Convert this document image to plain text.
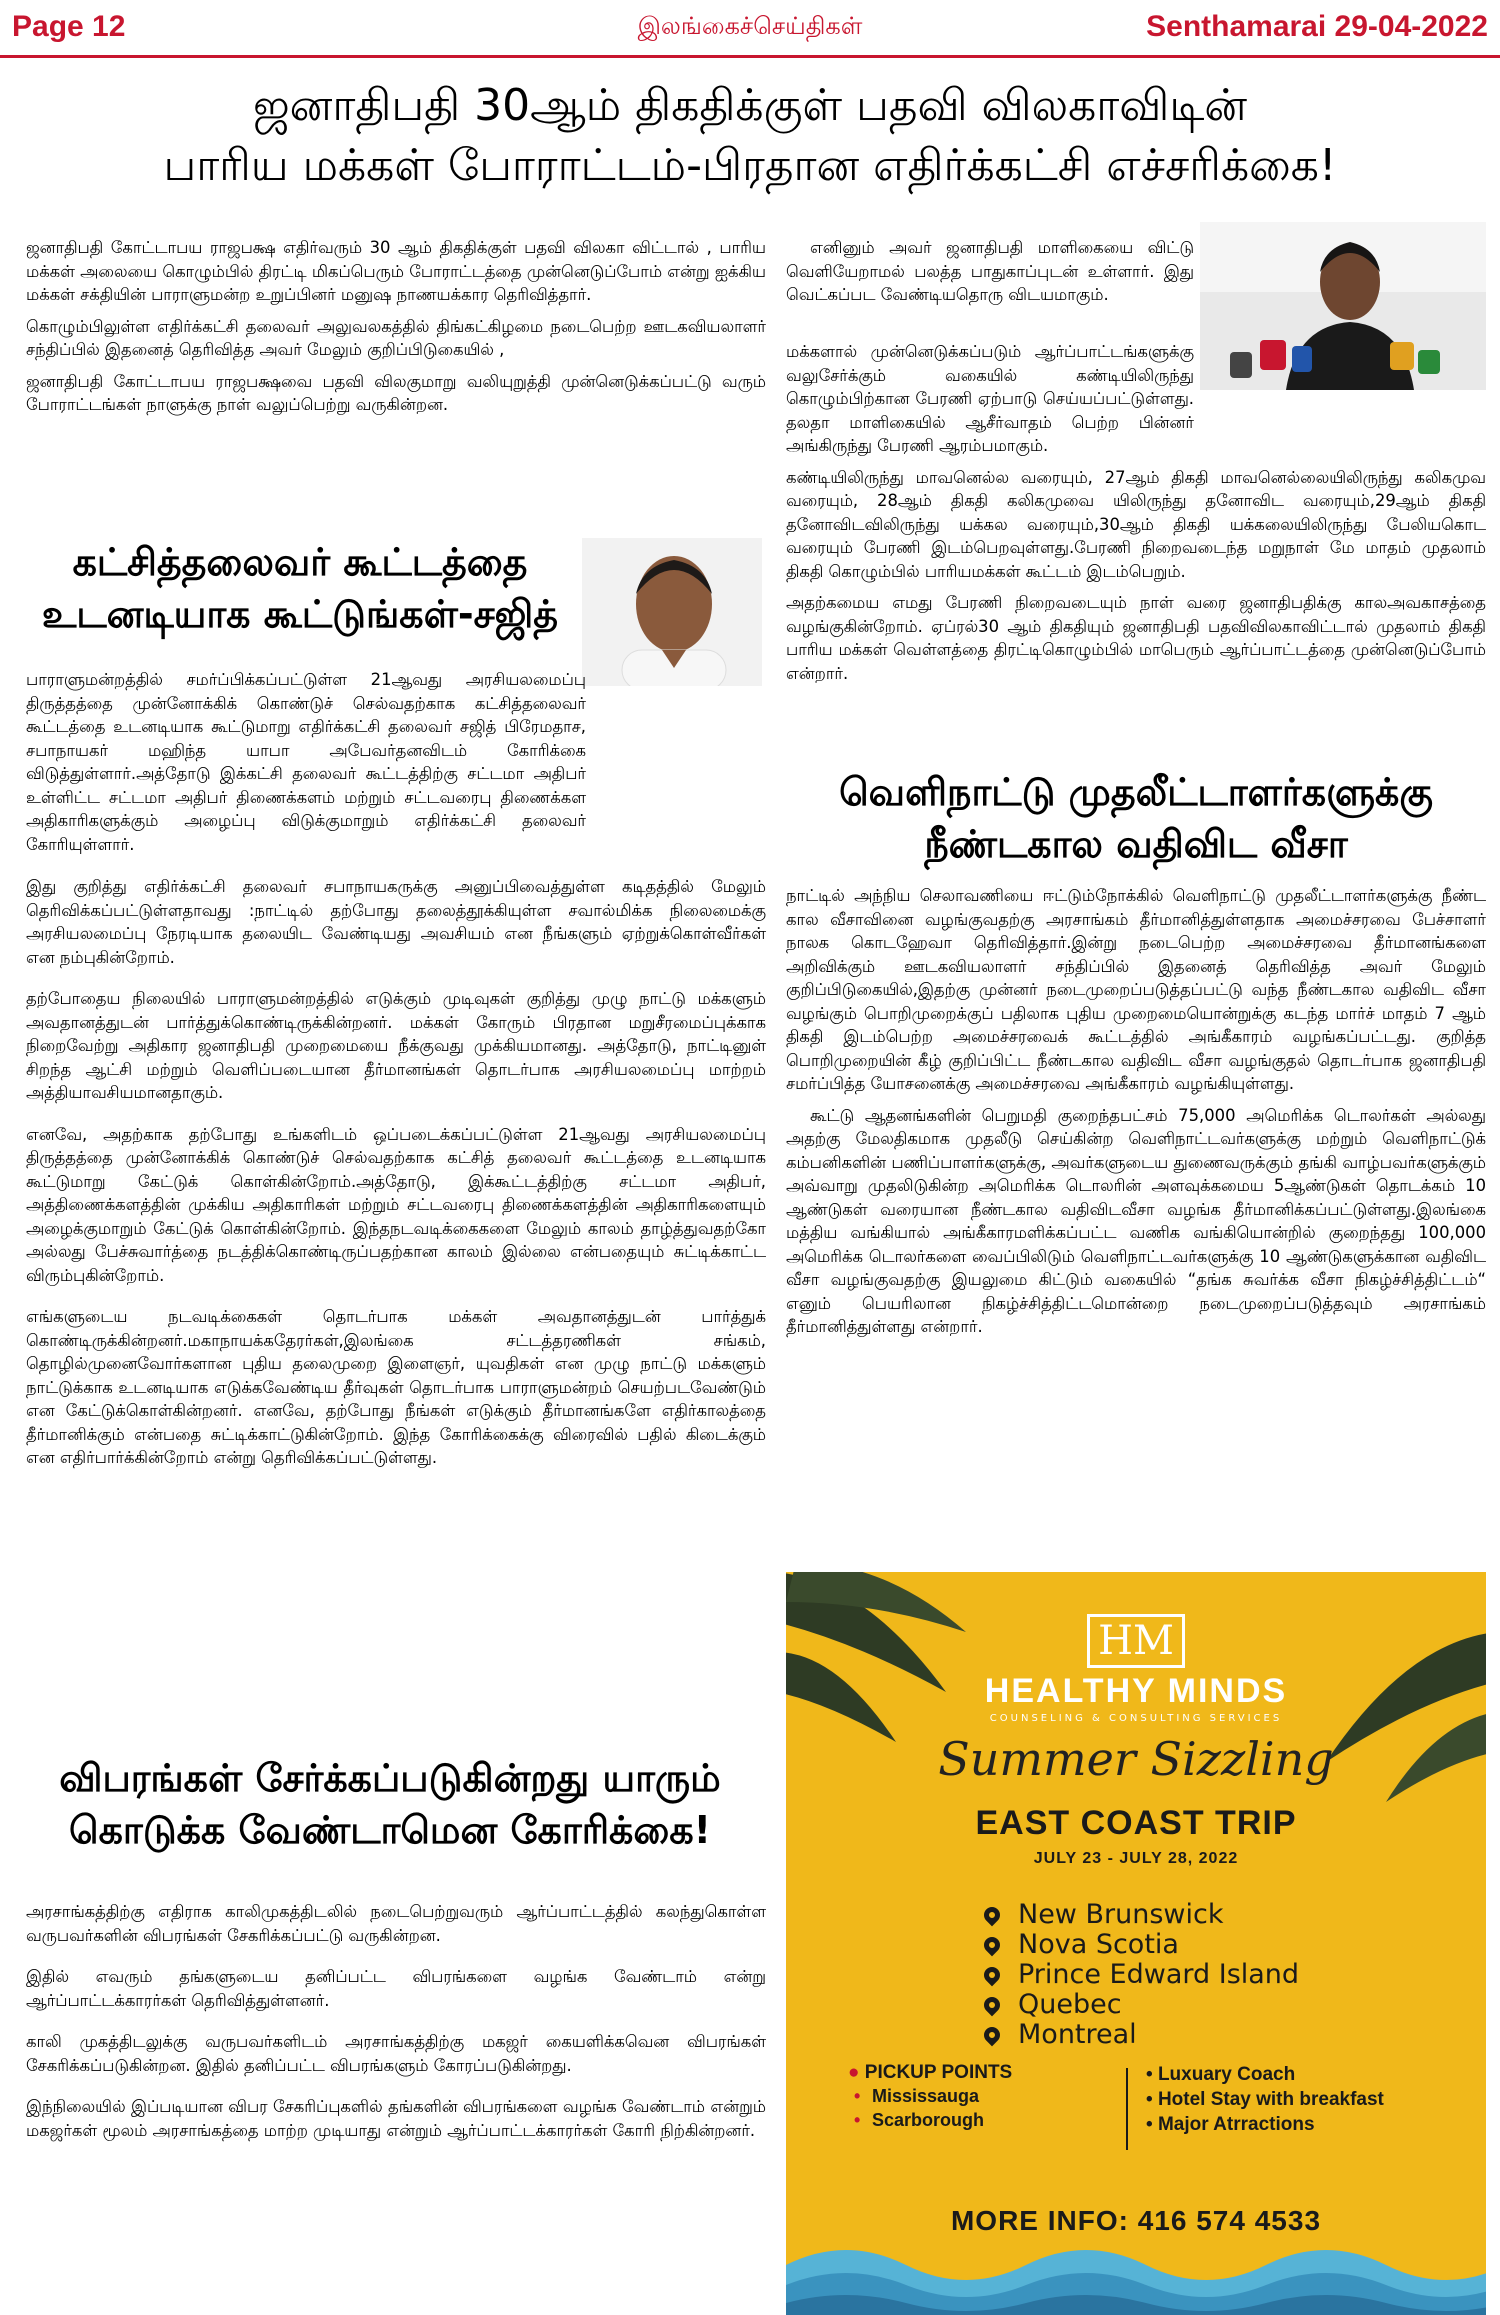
Page 12	இலங்கைச்செய்திகள்	Senthamarai 29-04-2022
ஜனாதிபதி 30ஆம் திகதிக்குள் பதவி விலகாவிடின்
பாரிய மக்கள் போராட்டம்-பிரதான எதிர்க்கட்சி எச்சரிக்கை!

ஜனாதிபதி கோட்டாபய ராஜபக்ஷ எதிர்வரும் 30 ஆம் திகதிக்குள் பதவி விலகா விட்டால் , பாரிய மக்கள் அலையை கொழும்பில் திரட்டி மிகப்பெரும் போராட்டத்தை முன்னெடுப்போம் என்று ஐக்கிய மக்கள் சக்தியின் பாராளுமன்ற உறுப்பினர் மனுஷ நாணயக்கார தெரிவித்தார்.

கொழும்பிலுள்ள எதிர்க்கட்சி தலைவர் அலுவலகத்தில் திங்கட்கிழமை நடைபெற்ற ஊடகவியலாளர் சந்திப்பில் இதனைத் தெரிவித்த அவர் மேலும் குறிப்பிடுகையில் ,

ஜனாதிபதி கோட்டாபய ராஜபக்ஷவை பதவி விலகுமாறு வலியுறுத்தி முன்னெடுக்கப்பட்டு வரும் போராட்டங்கள் நாளுக்கு நாள் வலுப்பெற்று வருகின்றன.

கட்சித்தலைவர் கூட்டத்தை
உடனடியாக கூட்டுங்கள்-சஜித்

பாராளுமன்றத்தில் சமர்ப்பிக்கப்பட்டுள்ள 21ஆவது அரசியலமைப்பு திருத்தத்தை முன்னோக்கிக் கொண்டுச் செல்வதற்காக கட்சித்தலைவர் கூட்டத்தை உடனடியாக கூட்டுமாறு எதிர்க்கட்சி தலைவர் சஜித் பிரேமதாச, சபாநாயகர் மஹிந்த யாபா அபேவர்தனவிடம் கோரிக்கை விடுத்துள்ளார்.அத்தோடு இக்கட்சி தலைவர் கூட்டத்திற்கு சட்டமா அதிபர் உள்ளிட்ட சட்டமா அதிபர் திணைக்களம் மற்றும் சட்டவரைபு திணைக்கள அதிகாரிகளுக்கும் அழைப்பு விடுக்குமாறும் எதிர்க்கட்சி தலைவர் கோரியுள்ளார்.

இது குறித்து எதிர்க்கட்சி தலைவர் சபாநாயகருக்கு அனுப்பிவைத்துள்ள கடிதத்தில் மேலும் தெரிவிக்கப்பட்டுள்ளதாவது :நாட்டில் தற்போது தலைத்தூக்கியுள்ள சவால்மிக்க நிலைமைக்கு அரசியலமைப்பு நேரடியாக தலையிட வேண்டியது அவசியம் என நீங்களும் ஏற்றுக்கொள்வீர்கள் என நம்புகின்றோம்.

தற்போதைய நிலையில் பாராளுமன்றத்தில் எடுக்கும் முடிவுகள் குறித்து முழு நாட்டு மக்களும் அவதானத்துடன் பார்த்துக்கொண்டிருக்கின்றனர். மக்கள் கோரும் பிரதான மறுசீரமைப்புக்காக நிறைவேற்று அதிகார ஜனாதிபதி முறைமையை நீக்குவது முக்கியமானது. அத்தோடு, நாட்டினுள் சிறந்த ஆட்சி மற்றும் வெளிப்படையான தீர்மானங்கள் தொடர்பாக அரசியலமைப்பு மாற்றம் அத்தியாவசியமானதாகும்.

எனவே, அதற்காக தற்போது உங்களிடம் ஒப்படைக்கப்பட்டுள்ள 21ஆவது அரசியலமைப்பு திருத்தத்தை முன்னோக்கிக் கொண்டுச் செல்வதற்காக கட்சித் தலைவர் கூட்டத்தை உடனடியாக கூட்டுமாறு கேட்டுக் கொள்கின்றோம்.அத்தோடு, இக்கூட்டத்திற்கு சட்டமா அதிபர், அத்திணைக்களத்தின் முக்கிய அதிகாரிகள் மற்றும் சட்டவரைபு திணைக்களத்தின் அதிகாரிகளையும் அழைக்குமாறும் கேட்டுக் கொள்கின்றோம். இந்தநடவடிக்கைகளை மேலும் காலம் தாழ்த்துவதற்கோ அல்லது பேச்சுவார்த்தை நடத்திக்கொண்டிருப்பதற்கான காலம் இல்லை என்பதையும் சுட்டிக்காட்ட விரும்புகின்றோம்.

எங்களுடைய நடவடிக்கைகள் தொடர்பாக மக்கள் அவதானத்துடன் பார்த்துக் கொண்டிருக்கின்றனர்.மகாநாயக்கதேரர்கள்,இலங்கை சட்டத்தரணிகள் சங்கம், தொழில்முனைவோர்களான புதிய தலைமுறை இளைஞர், யுவதிகள் என முழு நாட்டு மக்களும் நாட்டுக்காக உடனடியாக எடுக்கவேண்டிய தீர்வுகள் தொடர்பாக பாராளுமன்றம் செயற்படவேண்டும் என கேட்டுக்கொள்கின்றனர். எனவே, தற்போது நீங்கள் எடுக்கும் தீர்மானங்களே எதிர்காலத்தை தீர்மானிக்கும் என்பதை சுட்டிக்காட்டுகின்றோம். இந்த கோரிக்கைக்கு விரைவில் பதில் கிடைக்கும் என எதிர்பார்க்கின்றோம் என்று தெரிவிக்கப்பட்டுள்ளது.

விபரங்கள் சேர்க்கப்படுகின்றது யாரும்
கொடுக்க வேண்டாமென கோரிக்கை!

அரசாங்கத்திற்கு எதிராக காலிமுகத்திடலில் நடைபெற்றுவரும் ஆர்ப்பாட்டத்தில் கலந்துகொள்ள வருபவர்களின் விபரங்கள் சேகரிக்கப்பட்டு வருகின்றன.

இதில் எவரும் தங்களுடைய தனிப்பட்ட விபரங்களை வழங்க வேண்டாம் என்று ஆர்ப்பாட்டக்காரர்கள் தெரிவித்துள்ளனர்.

காலி முகத்திடலுக்கு வருபவர்களிடம் அரசாங்கத்திற்கு மகஜர் கையளிக்கவென விபரங்கள் சேகரிக்கப்படுகின்றன. இதில் தனிப்பட்ட விபரங்களும் கோரப்படுகின்றது.

இந்நிலையில் இப்படியான விபர சேகரிப்புகளில் தங்களின் விபரங்களை வழங்க வேண்டாம் என்றும் மகஜர்கள் மூலம் அரசாங்கத்தை மாற்ற முடியாது என்றும் ஆர்ப்பாட்டக்காரர்கள் கோரி நிற்கின்றனர்.

எனினும் அவர் ஜனாதிபதி மாளிகையை விட்டு வெளியேறாமல் பலத்த பாதுகாப்புடன் உள்ளார். இது வெட்கப்பட வேண்டியதொரு விடயமாகும்.

மக்களால் முன்னெடுக்கப்படும் ஆர்ப்பாட்டங்களுக்கு வலுசேர்க்கும் வகையில் கண்டியிலிருந்து கொழும்பிற்கான பேரணி ஏற்பாடு செய்யப்பட்டுள்ளது. தலதா மாளிகையில் ஆசீர்வாதம் பெற்ற பின்னர் அங்கிருந்து பேரணி ஆரம்பமாகும்.

கண்டியிலிருந்து மாவனெல்ல வரையும், 27ஆம் திகதி மாவனெல்லையிலிருந்து கலிகமுவ வரையும், 28ஆம் திகதி கலிகமுவை யிலிருந்து தனோவிட வரையும்,29ஆம் திகதி தனோவிடவிலிருந்து யக்கல வரையும்,30ஆம் திகதி யக்கலையிலிருந்து பேலியகொட வரையும் பேரணி இடம்பெறவுள்ளது.பேரணி நிறைவடைந்த மறுநாள் மே மாதம் முதலாம் திகதி கொழும்பில் பாரியமக்கள் கூட்டம் இடம்பெறும்.

அதற்கமைய எமது பேரணி நிறைவடையும் நாள் வரை ஜனாதிபதிக்கு காலஅவகாசத்தை வழங்குகின்றோம். ஏப்ரல்30 ஆம் திகதியும் ஜனாதிபதி பதவிவிலகாவிட்டால் முதலாம் திகதி பாரிய மக்கள் வெள்ளத்தை திரட்டிகொழும்பில் மாபெரும் ஆர்ப்பாட்டத்தை முன்னெடுப்போம் என்றார்.

வெளிநாட்டு முதலீட்டாளர்களுக்கு
நீண்டகால வதிவிட வீசா

நாட்டில் அந்நிய செலாவணியை ஈட்டும்நோக்கில் வெளிநாட்டு முதலீட்டாளர்களுக்கு நீண்ட கால வீசாவினை வழங்குவதற்கு அரசாங்கம் தீர்மானித்துள்ளதாக அமைச்சரவை பேச்சாளர் நாலக கொடஹேவா தெரிவித்தார்.இன்று நடைபெற்ற அமைச்சரவை தீர்மானங்களை அறிவிக்கும் ஊடகவியலாளர் சந்திப்பில் இதனைத் தெரிவித்த அவர் மேலும் குறிப்பிடுகையில்,இதற்கு முன்னர் நடைமுறைப்படுத்தப்பட்டு வந்த நீண்டகால வதிவிட வீசா வழங்கும் பொறிமுறைக்குப் பதிலாக புதிய முறைமையொன்றுக்கு கடந்த மார்ச் மாதம் 7 ஆம் திகதி இடம்பெற்ற அமைச்சரவைக் கூட்டத்தில் அங்கீகாரம் வழங்கப்பட்டது. குறித்த பொறிமுறையின் கீழ் குறிப்பிட்ட நீண்டகால வதிவிட வீசா வழங்குதல் தொடர்பாக ஜனாதிபதி சமர்ப்பித்த யோசனைக்கு அமைச்சரவை அங்கீகாரம் வழங்கியுள்ளது.

கூட்டு ஆதனங்களின் பெறுமதி குறைந்தபட்சம் 75,000 அமெரிக்க டொலர்கள் அல்லது அதற்கு மேலதிகமாக முதலீடு செய்கின்ற வெளிநாட்டவர்களுக்கு மற்றும் வெளிநாட்டுக் கம்பனிகளின் பணிப்பாளர்களுக்கு, அவர்களுடைய துணைவருக்கும் தங்கி வாழ்பவர்களுக்கும் அவ்வாறு முதலிடுகின்ற அமெரிக்க டொலரின் அளவுக்கமைய 5ஆண்டுகள் தொடக்கம் 10 ஆண்டுகள் வரையான நீண்டகால வதிவிடவீசா வழங்க தீர்மானிக்கப்பட்டுள்ளது.இலங்கை மத்திய வங்கியால் அங்கீகாரமளிக்கப்பட்ட வணிக வங்கியொன்றில் குறைந்தது 100,000 அமெரிக்க டொலர்களை வைப்பிலிடும் வெளிநாட்டவர்களுக்கு 10 ஆண்டுகளுக்கான வதிவிட வீசா வழங்குவதற்கு இயலுமை கிட்டும் வகையில் “தங்க சுவர்க்க வீசா நிகழ்ச்சித்திட்டம்“ எனும் பெயரிலான நிகழ்ச்சித்திட்டமொன்றை நடைமுறைப்படுத்தவும் அரசாங்கம் தீர்மானித்துள்ளது என்றார்.

HM
HEALTHY MINDS
COUNSELING & CONSULTING SERVICES
Summer Sizzling
EAST COAST TRIP
JULY 23 - JULY 28, 2022
New Brunswick
Nova Scotia
Prince Edward Island
Quebec
Montreal
● PICKUP POINTS
• Mississauga
• Scarborough
• Luxuary Coach
• Hotel Stay with breakfast
• Major Atrractions
MORE INFO: 416 574 4533
